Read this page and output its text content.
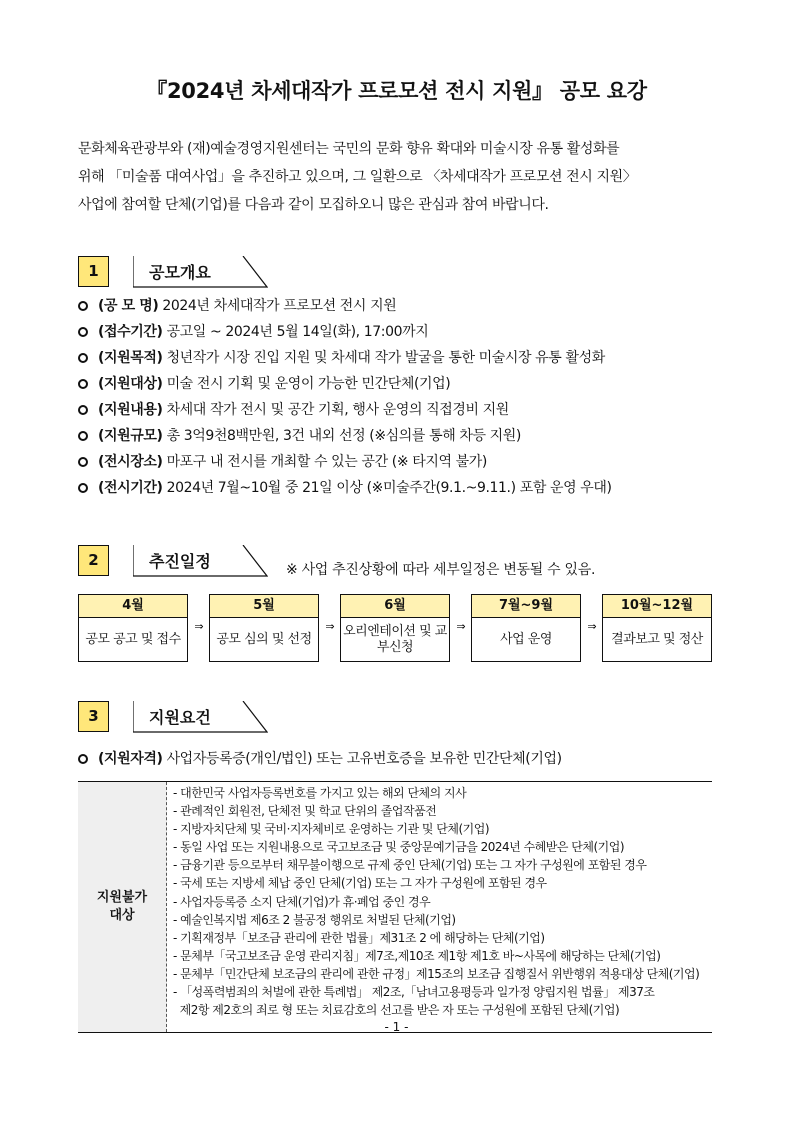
『2024년 차세대작가 프로모션 전시 지원』 공모 요강
문화체육관광부와 (재)예술경영지원센터는 국민의 문화 향유 확대와 미술시장 유통 활성화를
위해 「미술품 대여사업」을 추진하고 있으며, 그 일환으로 〈차세대작가 프로모션 전시 지원〉
사업에 참여할 단체(기업)를 다음과 같이 모집하오니 많은 관심과 참여 바랍니다.
1	공모개요
(공 모 명) 2024년 차세대작가 프로모션 전시 지원
(접수기간) 공고일 ~ 2024년 5월 14일(화), 17:00까지
(지원목적) 청년작가 시장 진입 지원 및 차세대 작가 발굴을 통한 미술시장 유통 활성화
(지원대상) 미술 전시 기획 및 운영이 가능한 민간단체(기업)
(지원내용) 차세대 작가 전시 및 공간 기획, 행사 운영의 직접경비 지원
(지원규모) 총 3억9천8백만원, 3건 내외 선정 (※심의를 통해 차등 지원)
(전시장소) 마포구 내 전시를 개최할 수 있는 공간 (※ 타지역 불가)
(전시기간) 2024년 7월~10월 중 21일 이상 (※미술주간(9.1.~9.11.) 포함 운영 우대)
2	추진일정	※ 사업 추진상황에 따라 세부일정은 변동될 수 있음.
4월
공모 공고 및 접수
⇒
5월
공모 심의 및 선정
⇒
6월
오리엔테이션 및 교부신청
⇒
7월~9월
사업 운영
⇒
10월~12월
결과보고 및 정산
3	지원요건
(지원자격) 사업자등록증(개인/법인) 또는 고유번호증을 보유한 민간단체(기업)
지원불가 대상
- 대한민국 사업자등록번호를 가지고 있는 해외 단체의 지사
- 관례적인 회원전, 단체전 및 학교 단위의 졸업작품전
- 지방자치단체 및 국비·지자체비로 운영하는 기관 및 단체(기업)
- 동일 사업 또는 지원내용으로 국고보조금 및 중앙문예기금을 2024년 수혜받은 단체(기업)
- 금융기관 등으로부터 채무불이행으로 규제 중인 단체(기업) 또는 그 자가 구성원에 포함된 경우
- 국세 또는 지방세 체납 중인 단체(기업) 또는 그 자가 구성원에 포함된 경우
- 사업자등록증 소지 단체(기업)가 휴·폐업 중인 경우
- 예술인복지법 제6조 2 불공정 행위로 처벌된 단체(기업)
- 기획재정부「보조금 관리에 관한 법률」제31조 2 에 해당하는 단체(기업)
- 문체부「국고보조금 운영 관리지침」제7조,제10조 제1항 제1호 바~사목에 해당하는 단체(기업)
- 문체부「민간단체 보조금의 관리에 관한 규정」제15조의 보조금 집행질서 위반행위 적용대상 단체(기업)
- 「성폭력범죄의 처벌에 관한 특례법」 제2조,「남녀고용평등과 일가정 양립지원 법률」 제37조
제2항 제2호의 죄로 형 또는 치료감호의 선고를 받은 자 또는 구성원에 포함된 단체(기업)
- 1 -
